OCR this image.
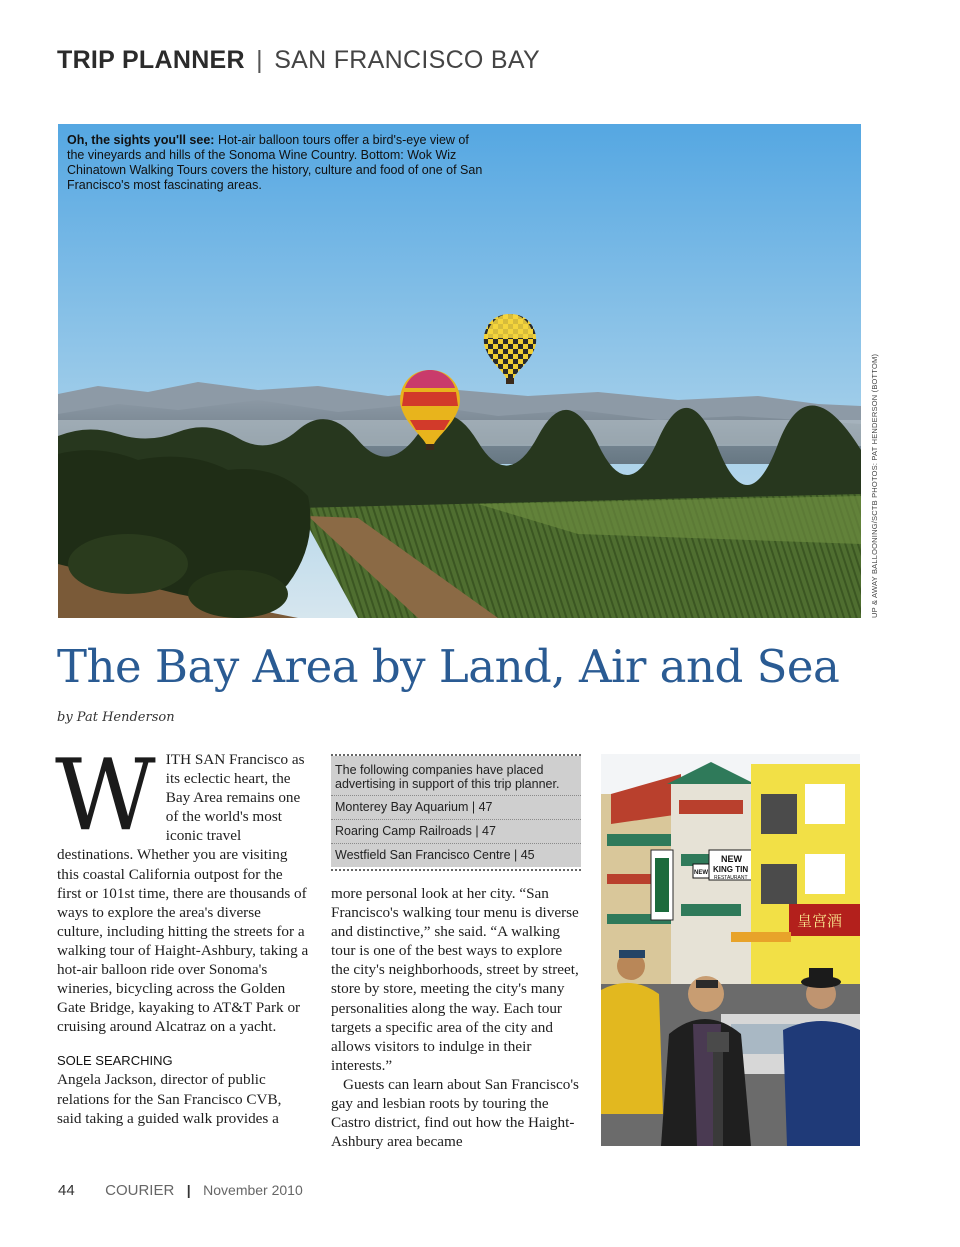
TRIP PLANNER | SAN FRANCISCO BAY
Oh, the sights you'll see: Hot-air balloon tours offer a bird's-eye view of the vineyards and hills of the Sonoma Wine Country. Bottom: Wok Wiz Chinatown Walking Tours covers the history, culture and food of one of San Francisco's most fascinating areas.
UP & AWAY BALLOONING/SCTB PHOTOS: PAT HENDERSON (BOTTOM)
The Bay Area by Land, Air and Sea
by Pat Henderson
W ITH SAN Francisco as its eclectic heart, the Bay Area remains one of the world's most iconic travel destinations. Whether you are visiting this coastal California outpost for the first or 101st time, there are thousands of ways to explore the area's diverse culture, including hitting the streets for a walking tour of Haight-Ashbury, taking a hot-air balloon ride over Sonoma's wineries, bicycling across the Golden Gate Bridge, kayaking to AT&T Park or cruising around Alcatraz on a yacht.
SOLE SEARCHING
Angela Jackson, director of public relations for the San Francisco CVB, said taking a guided walk provides a
The following companies have placed advertising in support of this trip planner.
Monterey Bay Aquarium | 47
Roaring Camp Railroads | 47
Westfield San Francisco Centre | 45
more personal look at her city. “San Francisco's walking tour menu is diverse and distinctive,” she said. “A walking tour is one of the best ways to explore the city's neighborhoods, street by street, store by store, meeting the city's many personalities along the way. Each tour targets a specific area of the city and allows visitors to indulge in their interests.”
Guests can learn about San Francisco's gay and lesbian roots by touring the Castro district, find out how the Haight-Ashbury area became
NEW
KING TIN
RESTAURANT
NEW
皇宮酒
44 COURIER | November 2010
